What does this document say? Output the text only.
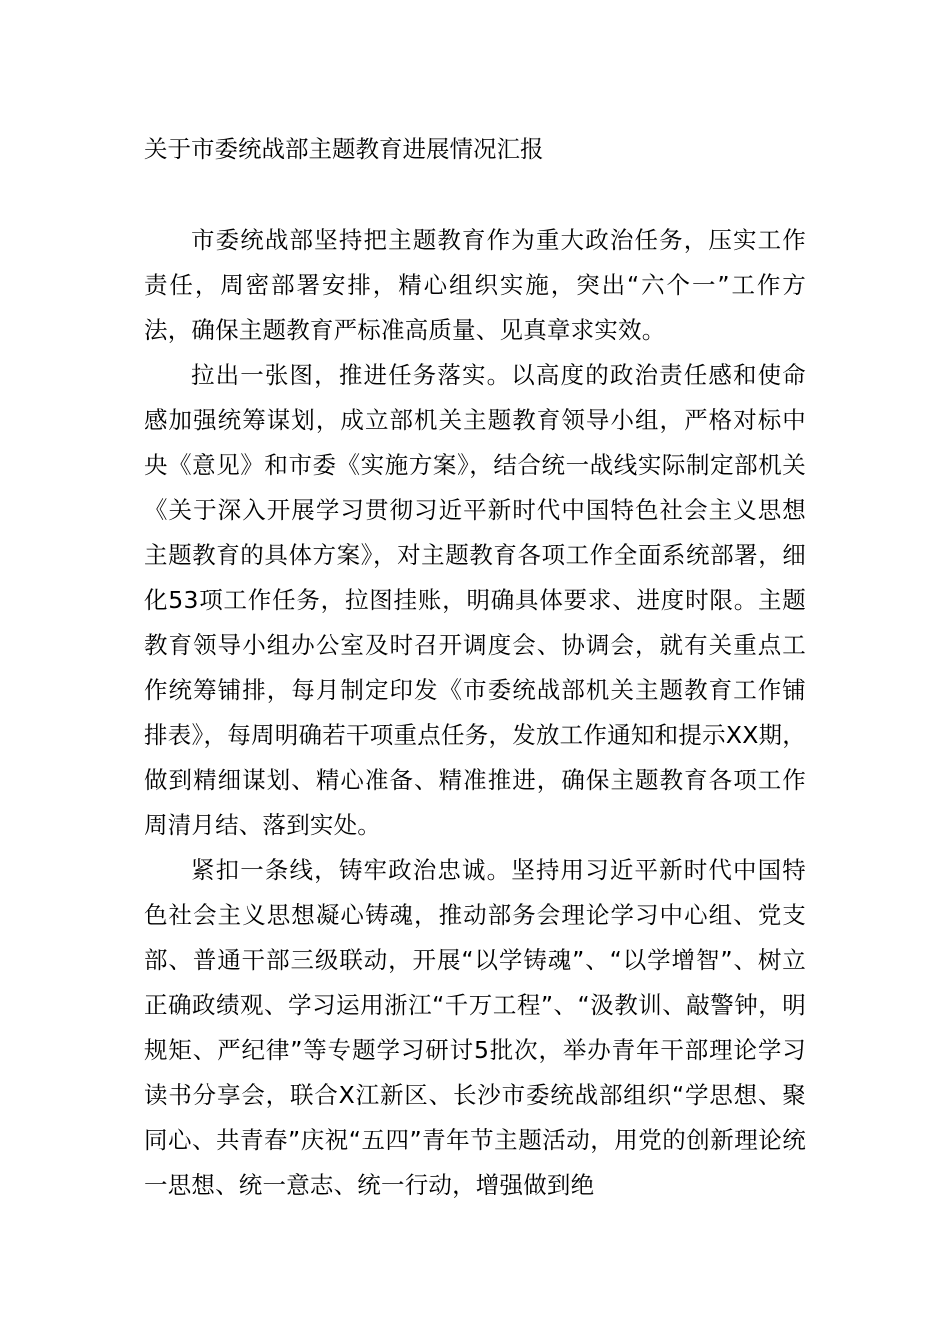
关于市委统战部主题教育进展情况汇报

市委统战部坚持把主题教育作为重大政治任务，压实工作责任，周密部署安排，精心组织实施，突出“六个一”工作方法，确保主题教育严标准高质量、见真章求实效。

拉出一张图，推进任务落实。以高度的政治责任感和使命感加强统筹谋划，成立部机关主题教育领导小组，严格对标中央《意见》和市委《实施方案》，结合统一战线实际制定部机关《关于深入开展学习贯彻习近平新时代中国特色社会主义思想主题教育的具体方案》，对主题教育各项工作全面系统部署，细化53项工作任务，拉图挂账，明确具体要求、进度时限。主题教育领导小组办公室及时召开调度会、协调会，就有关重点工作统筹铺排，每月制定印发《市委统战部机关主题教育工作铺排表》，每周明确若干项重点任务，发放工作通知和提示XX期，做到精细谋划、精心准备、精准推进，确保主题教育各项工作周清月结、落到实处。

紧扣一条线，铸牢政治忠诚。坚持用习近平新时代中国特色社会主义思想凝心铸魂，推动部务会理论学习中心组、党支部、普通干部三级联动，开展“以学铸魂”、“以学增智”、树立正确政绩观、学习运用浙江“千万工程”、“汲教训、敲警钟，明规矩、严纪律”等专题学习研讨5批次，举办青年干部理论学习读书分享会，联合X江新区、长沙市委统战部组织“学思想、聚同心、共青春”庆祝“五四”青年节主题活动，用党的创新理论统一思想、统一意志、统一行动，增强做到绝
